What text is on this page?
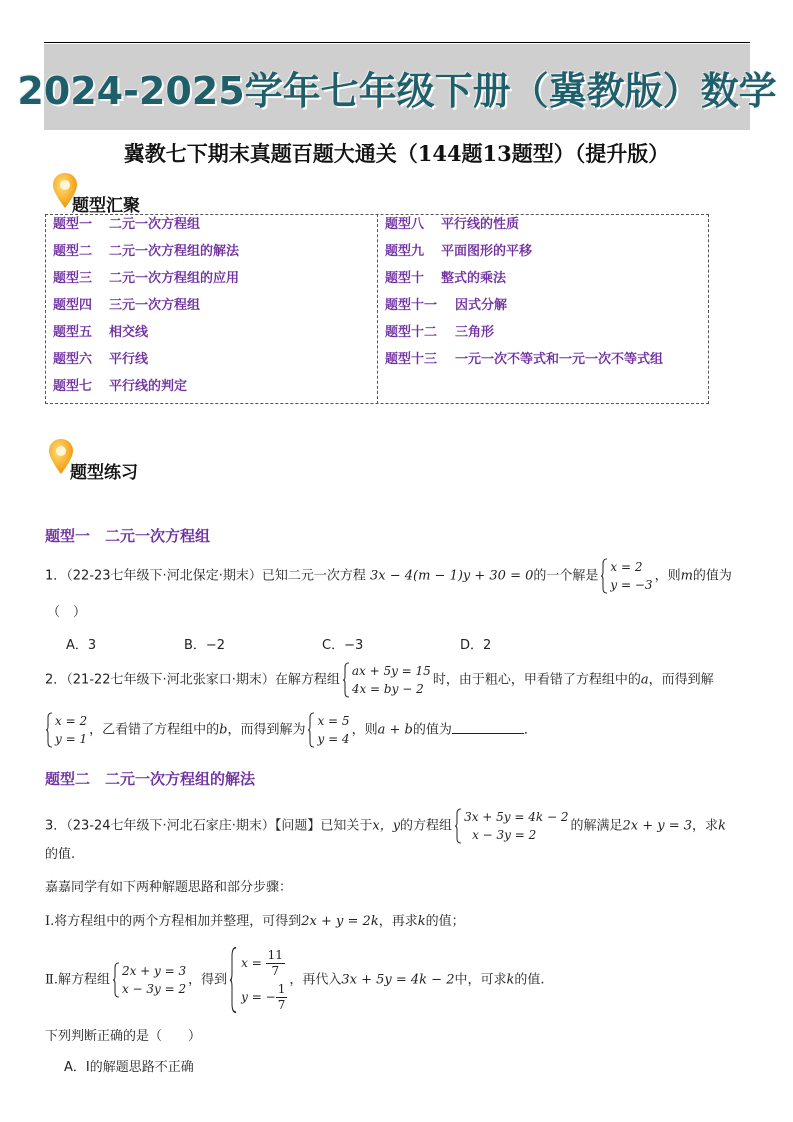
2024-2025学年七年级下册（冀教版）数学
冀教七下期末真题百题大通关（144题13题型）（提升版）
题型汇聚
题型一 二元一次方程组
题型二 二元一次方程组的解法
题型三 二元一次方程组的应用
题型四 三元一次方程组
题型五 相交线
题型六 平行线
题型七 平行线的判定
题型八 平行线的性质
题型九 平面图形的平移
题型十 整式的乘法
题型十一 因式分解
题型十二 三角形
题型十三 一元一次不等式和一元一次不等式组
题型练习
题型一　二元一次方程组
1．（22-23七年级下·河北保定·期末）已知二元一次方程 3x − 4(m − 1)y + 30 = 0的一个解是
x = 2
y = −3
，则m的值为
（　）
A．3	B．−2	C．−3	D．2
2．（21-22七年级下·河北张家口·期末）在解方程组
ax + 5y = 15
4x = by − 2
时，由于粗心，甲看错了方程组中的a，而得到解
x = 2
y = 1
，乙看错了方程组中的b，而得到解为
x = 5
y = 4
，则a + b的值为	．
题型二　二元一次方程组的解法
3．（23-24七年级下·河北石家庄·期末）【问题】已知关于x，y的方程组
3x + 5y = 4k − 2
x − 3y = 2
的解满足2x + y = 3，求k
的值.
嘉嘉同学有如下两种解题思路和部分步骤：
Ⅰ.将方程组中的两个方程相加并整理，可得到2x + y = 2k，再求k的值；
Ⅱ.解方程组
2x + y = 3
x − 3y = 2
，得到
$x = \frac{11}{7}$
y = − $\frac{1}{7}$
，再代入3x + 5y = 4k − 2中，可求k的值.
下列判断正确的是（　　）
A．Ⅰ的解题思路不正确
